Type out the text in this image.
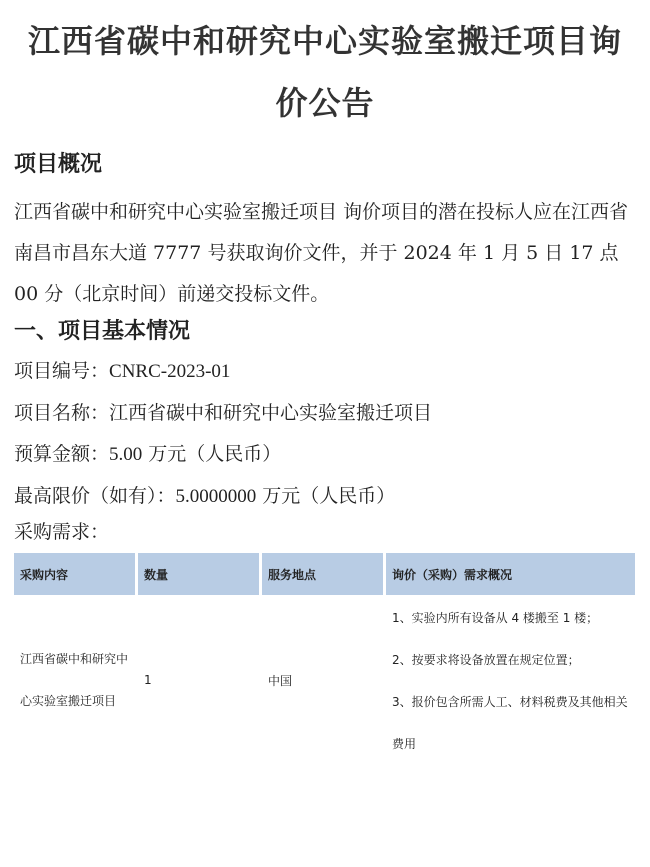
江西省碳中和研究中心实验室搬迁项目询价公告
项目概况

江西省碳中和研究中心实验室搬迁项目 询价项目的潜在投标人应在江西省南昌市昌东大道 7777 号获取询价文件，并于 2024 年 1 月 5 日 17 点 00 分（北京时间）前递交投标文件。

一、项目基本情况
项目编号：CNRC-2023-01
项目名称：江西省碳中和研究中心实验室搬迁项目
预算金额：5.00 万元（人民币）
最高限价（如有）：5.0000000 万元（人民币）
采购需求：
采购内容	数量	服务地点	询价（采购）需求概况

江西省碳中和研究中心实验室搬迁项目	1	中国	1、实验内所有设备从 4 楼搬至 1 楼；
2、按要求将设备放置在规定位置；
3、报价包含所需人工、材料税费及其他相关费用
